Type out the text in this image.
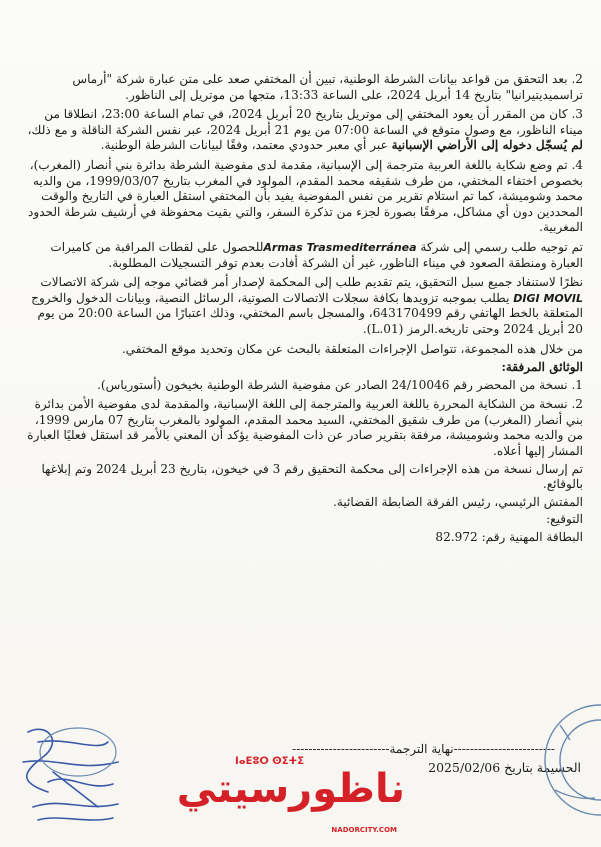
2. بعد التحقق من قواعد بيانات الشرطة الوطنية، تبين أن المختفي صعد على متن عبارة شركة "أرماس تراسميديتيرانيا" بتاريخ 14 أبريل 2024، على الساعة 13:33، متجها من موتريل إلى الناظور.

3. كان من المقرر أن يعود المختفي إلى موتريل بتاريخ 20 أبريل 2024، في تمام الساعة 23:00، انطلاقا من ميناء الناظور، مع وصول متوقع في الساعة 07:00 من يوم 21 أبريل 2024، عبر نفس الشركة الناقلة و مع ذلك، لم يُسجّل دخوله إلى الأراضي الإسبانية عبر أي معبر حدودي معتمد، وفقًا لبيانات الشرطة الوطنية.

4. تم وضع شكاية باللغة العربية مترجمة إلى الإسبانية، مقدمة لدى مفوضية الشرطة بدائرة بني أنصار (المغرب)، بخصوص اختفاء المختفي، من طرف شقيقه محمد المقدم، المولود في المغرب بتاريخ 1999/03/07، من والديه محمد وشوميشة، كما تم استلام تقرير من نفس المفوضية يفيد بأن المختفي استقل العبارة في التاريخ والوقت المحددين دون أي مشاكل، مرفقًا بصورة لجزء من تذكرة السفر، والتي بقيت محفوظة في أرشيف شرطة الحدود المغربية.

تم توجيه طلب رسمي إلى شركة Armas Trasmediterráneaللحصول على لقطات المراقبة من كاميرات العبارة ومنطقة الصعود في ميناء الناظور، غير أن الشركة أفادت بعدم توفر التسجيلات المطلوبة.

نظرًا لاستنفاد جميع سبل التحقيق، يتم تقديم طلب إلى المحكمة لإصدار أمر قضائي موجه إلى شركة الاتصالات DIGI MOVIL يطلب بموجبه تزويدها بكافة سجلات الاتصالات الصوتية، الرسائل النصية، وبيانات الدخول والخروج المتعلقة بالخط الهاتفي رقم 643170499، والمسجل باسم المختفي، وذلك اعتبارًا من الساعة 20:00 من يوم 20 أبريل 2024 وحتى تاريخه.الرمز (L.01).

من خلال هذه المجموعة، تتواصل الإجراءات المتعلقة بالبحث عن مكان وتحديد موقع المختفي.

الوثائق المرفقة:

1. نسخة من المحضر رقم 24/10046 الصادر عن مفوضية الشرطة الوطنية بخيخون (أستورياس).

2. نسخة من الشكاية المحررة باللغة العربية والمترجمة إلى اللغة الإسبانية، والمقدمة لدى مفوضية الأمن بدائرة بني أنصار (المغرب) من طرف شقيق المختفي، السيد محمد المقدم، المولود بالمغرب بتاريخ 07 مارس 1999، من والديه محمد وشوميشة، مرفقة بتقرير صادر عن ذات المفوضية يؤكد أن المعني بالأمر قد استقل فعليًا العبارة المشار إليها أعلاه.

تم إرسال نسخة من هذه الإجراءات إلى محكمة التحقيق رقم 3 في خيخون، بتاريخ 23 أبريل 2024 وتم إبلاغها بالوقائع.

المفتش الرئيسي، رئيس الفرقة الضابطة القضائية.

التوقيع:

البطاقة المهنية رقم: 82.972

-------------------------نهاية الترجمة------------------------
الحسيمة بتاريخ 2025/02/06
ⵏⴰⴹⵓⵔ ⵙⵉⵜⵉ
ناظورسيتي
NADORCITY.COM
